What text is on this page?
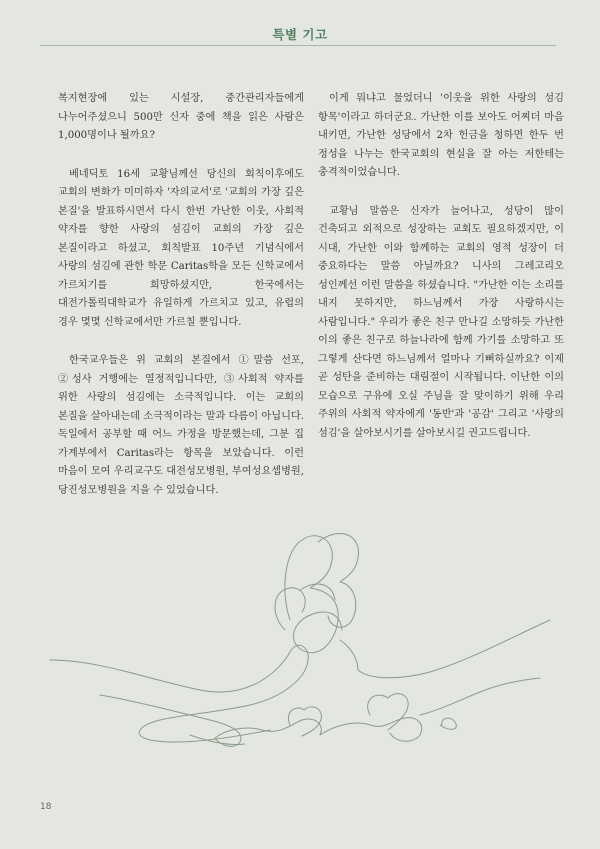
특별 기고

복지현장에 있는 시설장, 중간관리자들에게 나누어주셨으니 500만 신자 중에 책을 읽은 사람은 1,000명이나 될까요?

베네딕토 16세 교황님께선 당신의 회칙이후에도 교회의 변화가 미미하자 '자의교서'로 '교회의 가장 깊은 본질'을 발표하시면서 다시 한번 가난한 이웃, 사회적 약자를 향한 사랑의 섬김이 교회의 가장 깊은 본질이라고 하셨고, 회칙발표 10주년 기념식에서 사랑의 섬김에 관한 학문 Caritas학을 모든 신학교에서 가르치기를 희망하셨지만, 한국에서는 대전가톨릭대학교가 유일하게 가르치고 있고, 유럽의 경우 몇몇 신학교에서만 가르칠 뿐입니다.

한국교우들은 위 교회의 본질에서 ①말씀 선포, ②성사 거행에는 열정적입니다만, ③사회적 약자를 위한 사랑의 섬김에는 소극적입니다. 이는 교회의 본질을 살아내는데 소극적이라는 말과 다름이 아닙니다. 독일에서 공부할 때 어느 가정을 방문했는데, 그분 집 가계부에서 Caritas라는 항목을 보았습니다. 이런 마음이 모여 우리교구도 대전성모병원, 부여성요셉병원, 당진성모병원을 지을 수 있었습니다.

이게 뭐냐고 물었더니 '이웃을 위한 사랑의 섬김 항목'이라고 하더군요. 가난한 이를 보아도 어찌더 마음 내키면, 가난한 성당에서 2차 헌금을 청하면 한두 번 정성을 나누는 한국교회의 현실을 잘 아는 저한테는 충격적이었습니다.

교황님 말씀은 신자가 늘어나고, 성당이 많이 건축되고 외적으로 성장하는 교회도 필요하겠지만, 이 시대, 가난한 이와 함께하는 교회의 영적 성장이 더 중요하다는 말씀 아닐까요? 니사의 그레고리오 성인께선 이런 말씀을 하셨습니다. "가난한 이는 소리를 내지 못하지만, 하느님께서 가장 사랑하시는 사람입니다." 우리가 좋은 친구 만나길 소망하듯 가난한 이의 좋은 친구로 하늘나라에 함께 가기를 소망하고 또 그렇게 산다면 하느님께서 얼마나 기뻐하실까요? 이제 곧 성탄을 준비하는 대림절이 시작됩니다. 이난한 이의 모습으로 구유에 오실 주님을 잘 맞이하기 위해 우리 주위의 사회적 약자에게 '동반'과 '공감' 그리고 '사랑의 섬김'을 살아보시기를 살아보시길 권고드립니다.

18
